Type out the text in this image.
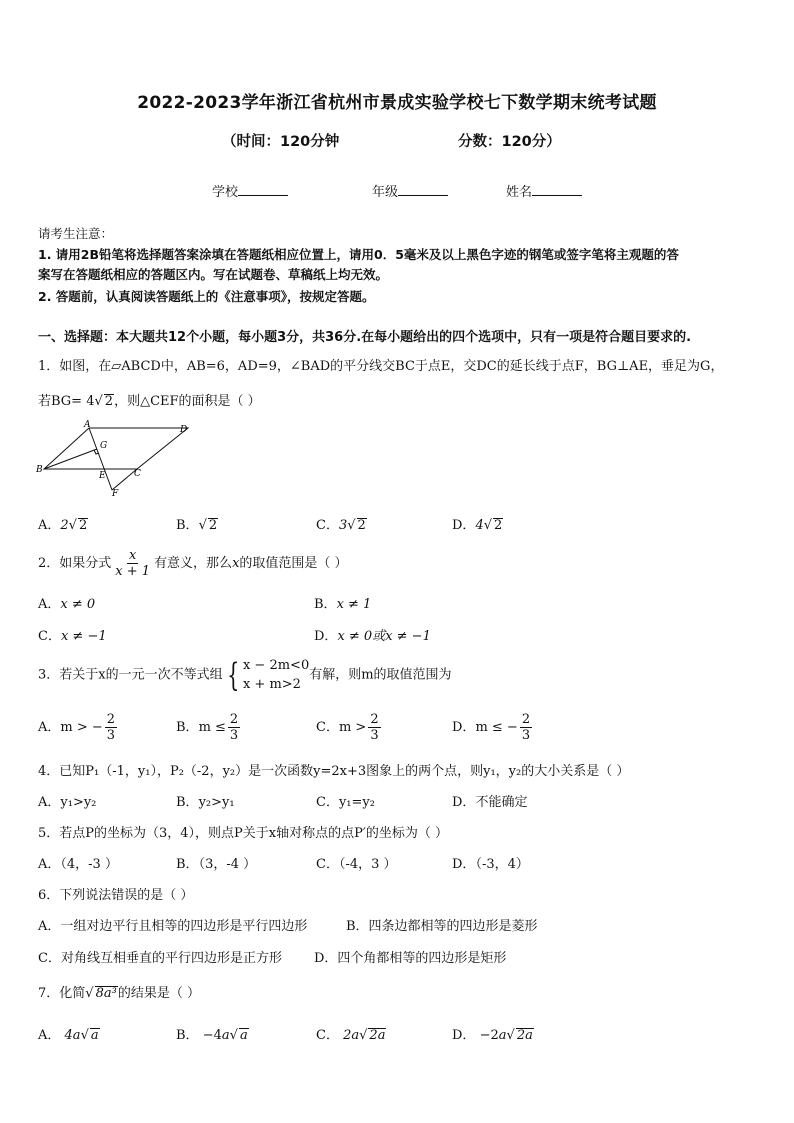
2022-2023学年浙江省杭州市景成实验学校七下数学期末统考试题
（时间：120分钟	分数：120分）
学校	年级	姓名
请考生注意：
1. 请用2B铅笔将选择题答案涂填在答题纸相应位置上，请用0．5毫米及以上黑色字迹的钢笔或签字笔将主观题的答
案写在答题纸相应的答题区内。写在试题卷、草稿纸上均无效。
2. 答题前，认真阅读答题纸上的《注意事项》，按规定答题。
一、选择题：本大题共12个小题，每小题3分，共36分.在每小题给出的四个选项中，只有一项是符合题目要求的.
1．如图，在▱ABCD中，AB=6，AD=9，∠BAD的平分线交BC于点E，交DC的延长线于点F，BG⊥AE，垂足为G，
若BG= 4√ 2，则△CEF的面积是（ ）
A	D
B	C
E
F
G
A．2√ 2	B．√ 2	C．3√ 2	D．4√ 2
2．如果分式 $\frac{x}{x + 1}$ 有意义，那么x的取值范围是（ ）
A．x ≠ 0	B．x ≠ 1
C．x ≠ −1	D．x ≠ 0或x ≠ −1
3．若关于x的一元一次不等式组 { x − 2m<0
x + m>2
有解，则m的取值范围为
A．m > − $\frac{2}{3}$	B．$m \le \frac{2}{3}$	C．$m > \frac{2}{3}$	D．m ≤ − $\frac{2}{3}$
4．已知P₁（-1，y₁），P₂（-2，y₂）是一次函数y=2x+3图象上的两个点，则y₁，y₂的大小关系是（ ）
A．y₁>y₂	B．y₂>y₁	C．y₁=y₂	D．不能确定
5．若点P的坐标为（3，4），则点P关于x轴对称点的点P′的坐标为（ ）
A．（4，-3 ）	B．（3，-4 ）	C．（-4，3 ）	D．（-3，4）
6．下列说法错误的是（ ）
A．一组对边平行且相等的四边形是平行四边形	B．四条边都相等的四边形是菱形
C．对角线互相垂直的平行四边形是正方形 D．四个角都相等的四边形是矩形
7．化简√ 8a³的结果是（ ）
A． 4a√ a	B． −4a√ a	C． 2a√ 2a	D． −2a√ 2a
